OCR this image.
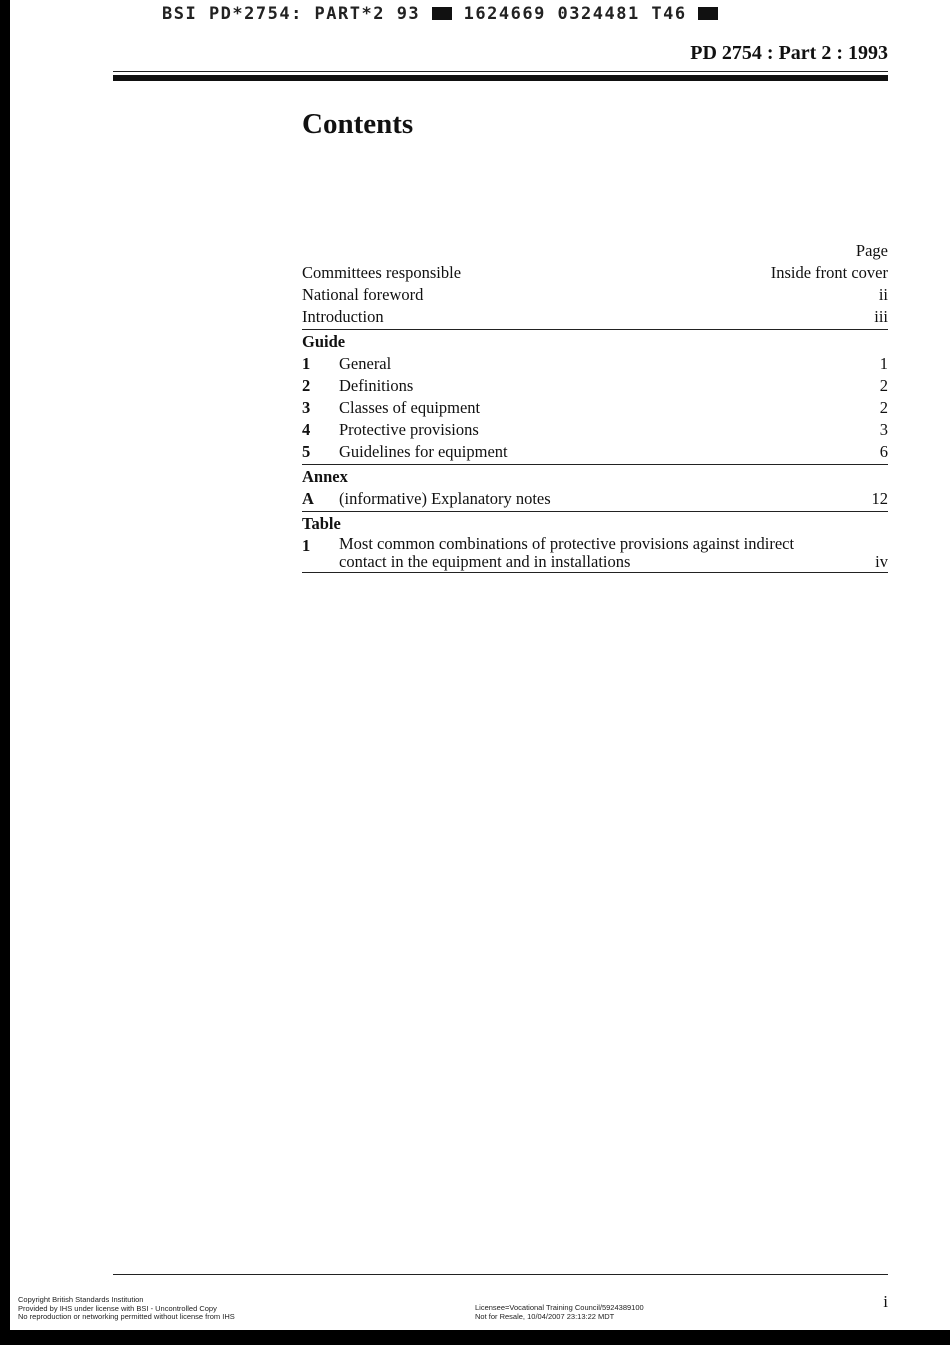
BSI PD*2754: PART*2 93	1624669 0324481 T46
PD 2754 : Part 2 : 1993
Contents
Page
Committees responsible	Inside front cover
National foreword	ii
Introduction	iii
Guide
1	General	1
2	Definitions	2
3	Classes of equipment	2
4	Protective provisions	3
5	Guidelines for equipment	6
Annex
A	(informative) Explanatory notes	12
Table
1	Most common combinations of protective provisions against indirect
contact in the equipment and in installations	iv
i
Copyright British Standards Institution
Provided by IHS under license with BSI - Uncontrolled Copy
No reproduction or networking permitted without license from IHS
Licensee=Vocational Training Council/5924389100
Not for Resale, 10/04/2007 23:13:22 MDT
